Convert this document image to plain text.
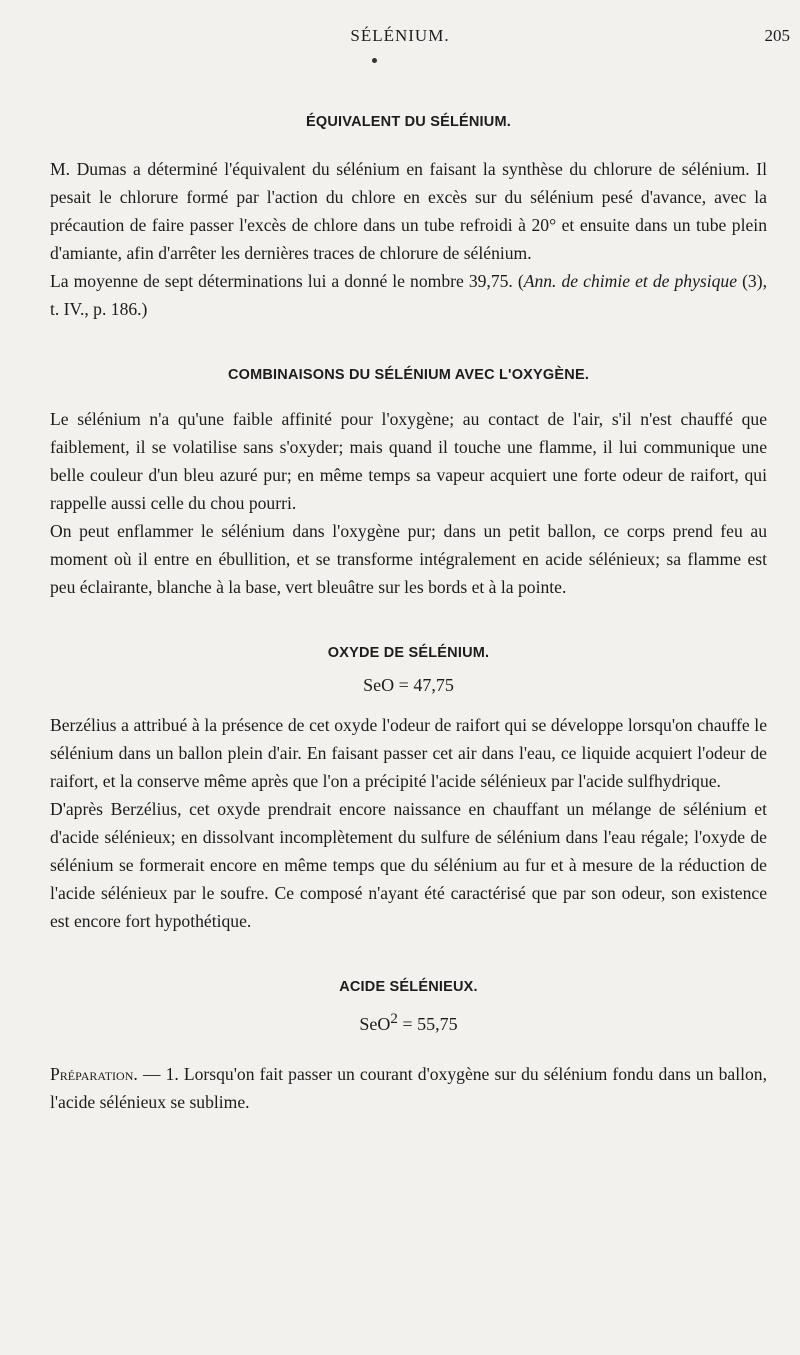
SÉLÉNIUM.	205
ÉQUIVALENT DU SÉLÉNIUM.

M. Dumas a déterminé l'équivalent du sélénium en faisant la synthèse du chlorure de sélénium. Il pesait le chlorure formé par l'action du chlore en excès sur du sélénium pesé d'avance, avec la précaution de faire passer l'excès de chlore dans un tube refroidi à 20° et ensuite dans un tube plein d'amiante, afin d'arrêter les dernières traces de chlorure de sélénium.

La moyenne de sept déterminations lui a donné le nombre 39,75. (Ann. de chimie et de physique (3), t. IV., p. 186.)

COMBINAISONS DU SÉLÉNIUM AVEC L'OXYGÈNE.

Le sélénium n'a qu'une faible affinité pour l'oxygène; au contact de l'air, s'il n'est chauffé que faiblement, il se volatilise sans s'oxyder; mais quand il touche une flamme, il lui communique une belle couleur d'un bleu azuré pur; en même temps sa vapeur acquiert une forte odeur de raifort, qui rappelle aussi celle du chou pourri.

On peut enflammer le sélénium dans l'oxygène pur; dans un petit ballon, ce corps prend feu au moment où il entre en ébullition, et se transforme intégralement en acide sélénieux; sa flamme est peu éclairante, blanche à la base, vert bleuâtre sur les bords et à la pointe.

OXYDE DE SÉLÉNIUM.

SeO = 47,75

Berzélius a attribué à la présence de cet oxyde l'odeur de raifort qui se développe lorsqu'on chauffe le sélénium dans un ballon plein d'air. En faisant passer cet air dans l'eau, ce liquide acquiert l'odeur de raifort, et la conserve même après que l'on a précipité l'acide sélénieux par l'acide sulfhydrique.

D'après Berzélius, cet oxyde prendrait encore naissance en chauffant un mélange de sélénium et d'acide sélénieux; en dissolvant incomplètement du sulfure de sélénium dans l'eau régale; l'oxyde de sélénium se formerait encore en même temps que du sélénium au fur et à mesure de la réduction de l'acide sélénieux par le soufre. Ce composé n'ayant été caractérisé que par son odeur, son existence est encore fort hypothétique.

ACIDE SÉLÉNIEUX.

SeO$^2$ = 55,75

Préparation. — 1. Lorsqu'on fait passer un courant d'oxygène sur du sélénium fondu dans un ballon, l'acide sélénieux se sublime.
